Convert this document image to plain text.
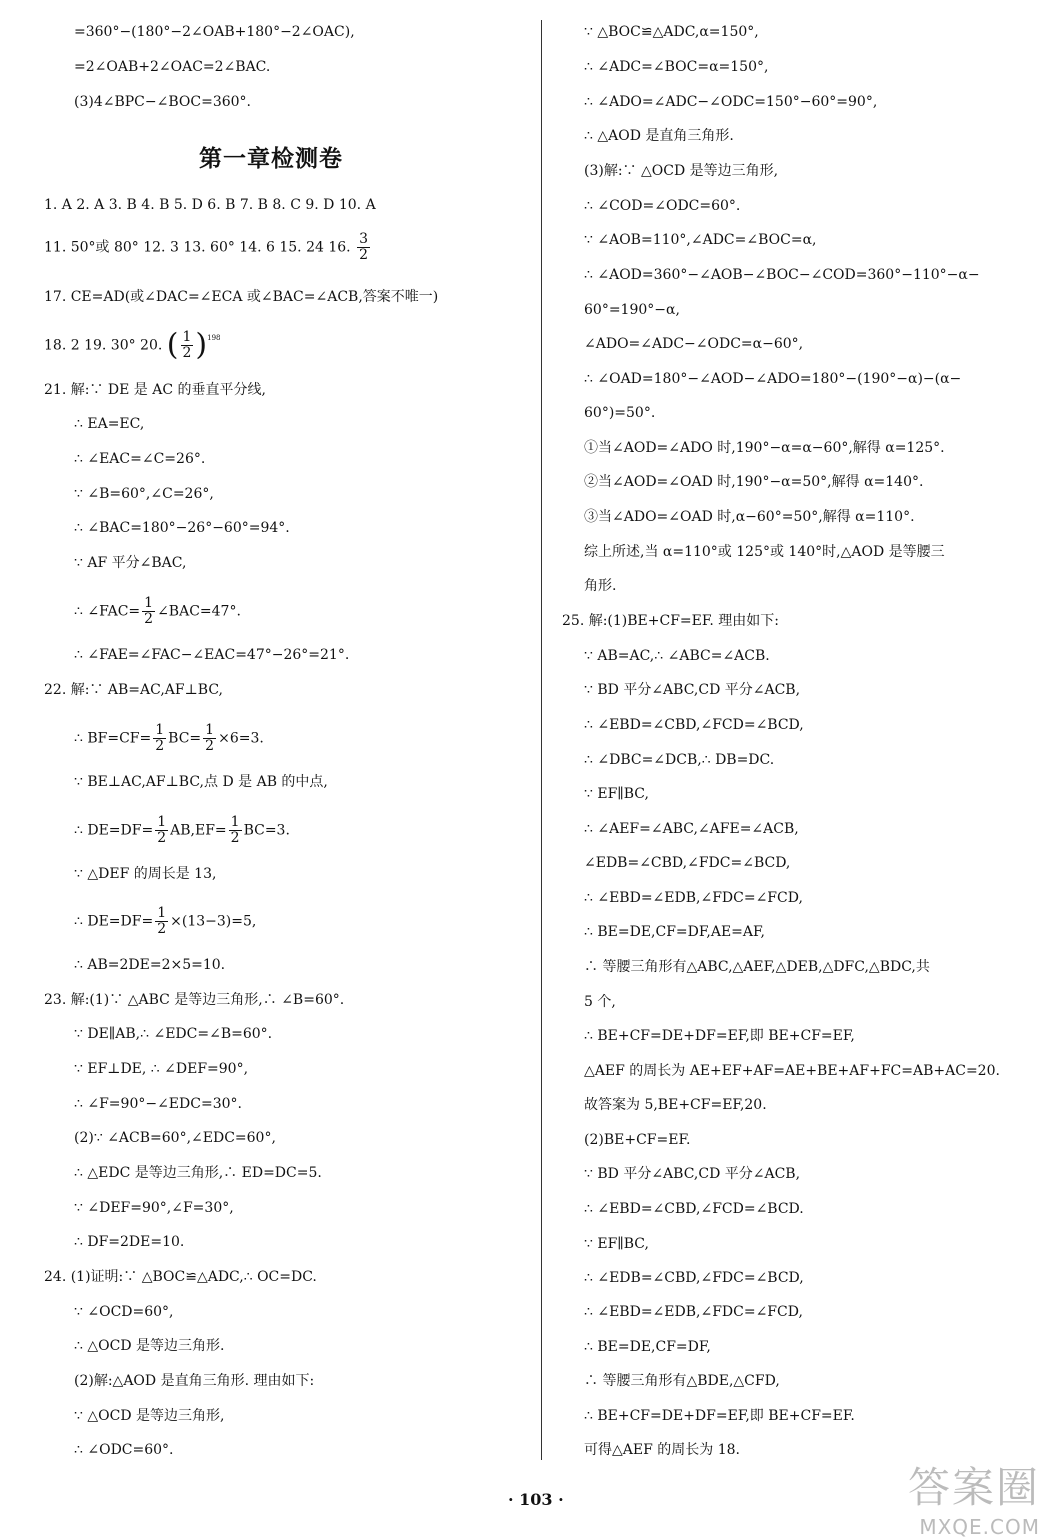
=360°−(180°−2∠OAB+180°−2∠OAC),
=2∠OAB+2∠OAC=2∠BAC.
(3)4∠BPC−∠BOC=360°.
第一章检测卷
1. A 2. A 3. B 4. B 5. D 6. B 7. B 8. C 9. D 10. A
11. 50°或 80° 12. 3 13. 60° 14. 6 15. 24 16. $\frac{3}{2}$
17. CE=AD(或∠DAC=∠ECA 或∠BAC=∠ACB,答案不唯一)
18. 2 19. 30° 20. ( $\frac{1}{2} )^{198}$
21. 解:∵ DE 是 AC 的垂直平分线,
∴ EA=EC,
∴ ∠EAC=∠C=26°.
∵ ∠B=60°,∠C=26°,
∴ ∠BAC=180°−26°−60°=94°.
∵ AF 平分∠BAC,
∴ ∠FAC= $\frac{1}{2}$ ∠BAC=47°.
∴ ∠FAE=∠FAC−∠EAC=47°−26°=21°.
22. 解:∵ AB=AC,AF⊥BC,
∴ $BF=CF= \frac{1}{2} BC= \frac{1}{2} \times 6=3$.
∵ BE⊥AC,AF⊥BC,点 D 是 AB 的中点,
∴ $DE=DF= \frac{1}{2} AB,EF= \frac{1}{2} BC=3$.
∵ △DEF 的周长是 13,
∴ $DE=DF= \frac{1}{2} \times(13-3)=5$,
∴ AB=2DE=2×5=10.
23. 解:(1)∵ △ABC 是等边三角形,∴ ∠B=60°.
∵ DE∥AB,∴ ∠EDC=∠B=60°.
∵ EF⊥DE, ∴ ∠DEF=90°,
∴ ∠F=90°−∠EDC=30°.
(2)∵ ∠ACB=60°,∠EDC=60°,
∴ △EDC 是等边三角形,∴ ED=DC=5.
∵ ∠DEF=90°,∠F=30°,
∴ DF=2DE=10.
24. (1)证明:∵ △BOC≌△ADC,∴ OC=DC.
∵ ∠OCD=60°,
∴ △OCD 是等边三角形.
(2)解:△AOD 是直角三角形. 理由如下:
∵ △OCD 是等边三角形,
∴ ∠ODC=60°.
∵ △BOC≌△ADC,α=150°,
∴ ∠ADC=∠BOC=α=150°,
∴ ∠ADO=∠ADC−∠ODC=150°−60°=90°,
∴ △AOD 是直角三角形.
(3)解:∵ △OCD 是等边三角形,
∴ ∠COD=∠ODC=60°.
∵ ∠AOB=110°,∠ADC=∠BOC=α,
∴ ∠AOD=360°−∠AOB−∠BOC−∠COD=360°−110°−α−
60°=190°−α,
∠ADO=∠ADC−∠ODC=α−60°,
∴ ∠OAD=180°−∠AOD−∠ADO=180°−(190°−α)−(α−
60°)=50°.
①当∠AOD=∠ADO 时,190°−α=α−60°,解得 α=125°.
②当∠AOD=∠OAD 时,190°−α=50°,解得 α=140°.
③当∠ADO=∠OAD 时,α−60°=50°,解得 α=110°.
综上所述,当 α=110°或 125°或 140°时,△AOD 是等腰三
角形.
25. 解:(1)BE+CF=EF. 理由如下:
∵ AB=AC,∴ ∠ABC=∠ACB.
∵ BD 平分∠ABC,CD 平分∠ACB,
∴ ∠EBD=∠CBD,∠FCD=∠BCD,
∴ ∠DBC=∠DCB,∴ DB=DC.
∵ EF∥BC,
∴ ∠AEF=∠ABC,∠AFE=∠ACB,
∠EDB=∠CBD,∠FDC=∠BCD,
∴ ∠EBD=∠EDB,∠FDC=∠FCD,
∴ BE=DE,CF=DF,AE=AF,
∴ 等腰三角形有△ABC,△AEF,△DEB,△DFC,△BDC,共
5 个,
∴ BE+CF=DE+DF=EF,即 BE+CF=EF,
△AEF 的周长为 AE+EF+AF=AE+BE+AF+FC=AB+AC=20.
故答案为 5,BE+CF=EF,20.
(2)BE+CF=EF.
∵ BD 平分∠ABC,CD 平分∠ACB,
∴ ∠EBD=∠CBD,∠FCD=∠BCD.
∵ EF∥BC,
∴ ∠EDB=∠CBD,∠FDC=∠BCD,
∴ ∠EBD=∠EDB,∠FDC=∠FCD,
∴ BE=DE,CF=DF,
∴ 等腰三角形有△BDE,△CFD,
∴ BE+CF=DE+DF=EF,即 BE+CF=EF.
可得△AEF 的周长为 18.
· 103 ·	答案圈
MXQE.COM
